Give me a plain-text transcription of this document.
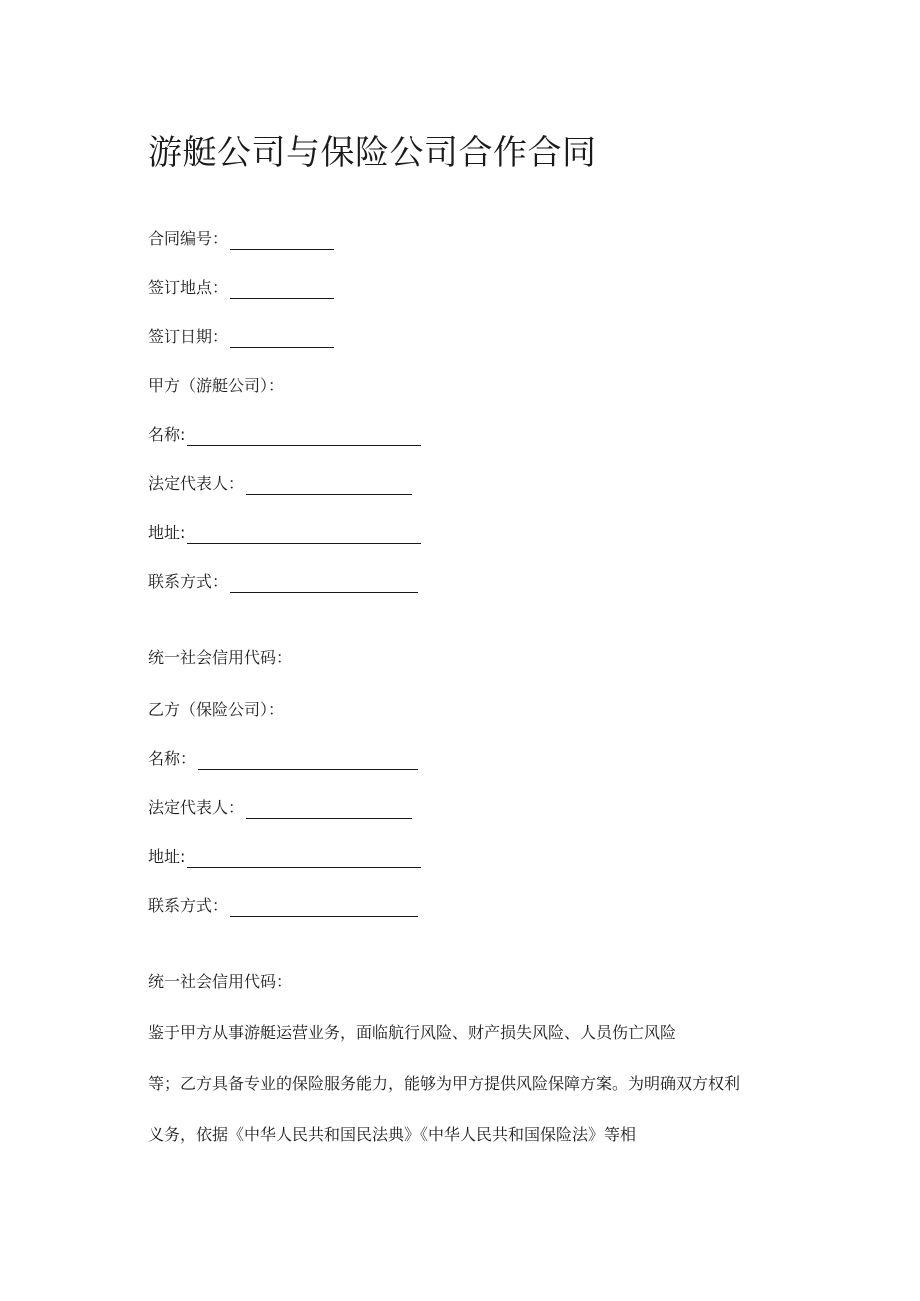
游艇公司与保险公司合作合同
合同编号：
签订地点：
签订日期：
甲方（游艇公司）：
名称:
法定代表人：
地址:
联系方式：
统一社会信用代码：
乙方（保险公司）：
名称：
法定代表人：
地址:
联系方式：
统一社会信用代码：
鉴于甲方从事游艇运营业务，面临航行风险、财产损失风险、人员伤亡风险
等；乙方具备专业的保险服务能力，能够为甲方提供风险保障方案。为明确双方权利
义务，依据《中华人民共和国民法典》《中华人民共和国保险法》等相
